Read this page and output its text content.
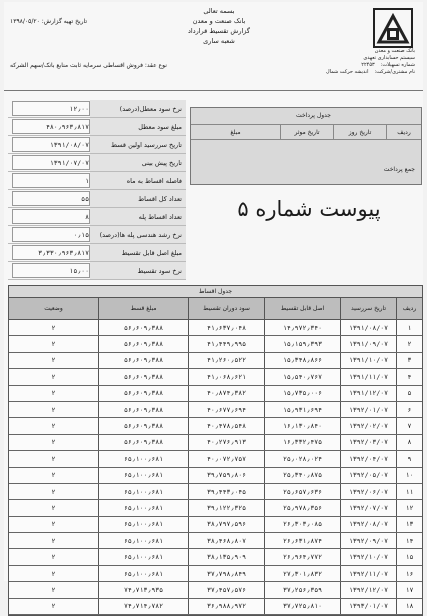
بانک صنعت و معدن
سیستم حسابداری تعهدی
شماره تسهیلات:
۲۲۴۵۳
نام مشتری/شرکت:
اندیشه حرکت شمال
بسمه تعالی
بانک صنعت و معدن
گزارش تقسیط قرارداد
شعبه ساری
تاریخ تهیه گزارش: ۱۳۹۸/۰۵/۲۰
نوع عقد: فروش اقساطی سرمایه ثابت منابع بانک/سهم الشرکه
جدول پرداخت
ردیف
تاریخ روز
تاریخ موثر
مبلغ
جمع پرداخت
نرخ سود معطل(درصد)
۱۲٫۰۰
مبلغ سود معطل
۴۸۰٫۹۶۳٫۸۱۷
تاریخ سررسید اولین قسط
۱۳۹۱/۰۸/۰۷
تاریخ پیش بینی
۱۳۹۱/۰۷/۰۷
فاصله اقساط به ماه
۱
تعداد کل اقساط
۵۵
تعداد اقساط پله
۸
نرخ رشد هندسی پله ها(درصد)
۰٫۱۵
مبلغ اصل قابل تقسیط
۳٫۳۳۰٫۹۶۳٫۸۱۷
نرخ سود تقسیط
۱۵٫۰۰
پیوست شماره ۵
جدول اقساط
ردیف
تاریخ سررسید
اصل قابل تقسیط
سود دوران تقسیط
مبلغ قسط
وضعیت
۱
۱۳۹۱/۰۸/۰۷
۱۴٫۹۷۲٫۳۴۰
۴۱٫۶۳۷٫۰۴۸
۵۶٫۶۰۹٫۳۸۸
۲
۲
۱۳۹۱/۰۹/۰۷
۱۵٫۱۵۹٫۳۹۳
۴۱٫۴۴۹٫۹۹۵
۵۶٫۶۰۹٫۳۸۸
۲
۳
۱۳۹۱/۱۰/۰۷
۱۵٫۳۴۸٫۸۶۶
۴۱٫۲۶۰٫۵۲۲
۵۶٫۶۰۹٫۳۸۸
۲
۴
۱۳۹۱/۱۱/۰۷
۱۵٫۵۴۰٫۷۶۷
۴۱٫۰۶۸٫۶۲۱
۵۶٫۶۰۹٫۳۸۸
۲
۵
۱۳۹۱/۱۲/۰۷
۱۵٫۷۳۵٫۰۰۶
۴۰٫۸۷۴٫۳۸۲
۵۶٫۶۰۹٫۳۸۸
۲
۶
۱۳۹۲/۰۱/۰۷
۱۵٫۹۳۱٫۶۹۴
۴۰٫۶۷۷٫۶۹۴
۵۶٫۶۰۹٫۳۸۸
۲
۷
۱۳۹۲/۰۲/۰۷
۱۶٫۱۳۰٫۸۴۰
۴۰٫۴۷۸٫۵۴۸
۵۶٫۶۰۹٫۳۸۸
۲
۸
۱۳۹۲/۰۳/۰۷
۱۶٫۳۳۲٫۴۷۵
۴۰٫۲۷۶٫۹۱۳
۵۶٫۶۰۹٫۳۸۸
۲
۹
۱۳۹۲/۰۴/۰۷
۲۵٫۰۲۸٫۰۲۴
۴۰٫۰۷۲٫۷۵۷
۶۵٫۱۰۰٫۶۸۱
۲
۱۰
۱۳۹۲/۰۵/۰۷
۲۵٫۳۴۰٫۸۷۵
۳۹٫۷۵۹٫۸۰۶
۶۵٫۱۰۰٫۶۸۱
۲
۱۱
۱۳۹۲/۰۶/۰۷
۲۵٫۶۵۷٫۶۳۶
۳۹٫۴۴۳٫۰۴۵
۶۵٫۱۰۰٫۶۸۱
۲
۱۲
۱۳۹۲/۰۷/۰۷
۲۵٫۹۷۸٫۳۵۶
۳۹٫۱۲۲٫۳۲۵
۶۵٫۱۰۰٫۶۸۱
۲
۱۳
۱۳۹۲/۰۸/۰۷
۲۶٫۳۰۳٫۰۸۵
۳۸٫۷۹۷٫۵۹۶
۶۵٫۱۰۰٫۶۸۱
۲
۱۴
۱۳۹۲/۰۹/۰۷
۲۶٫۶۳۱٫۸۷۴
۳۸٫۴۶۸٫۸۰۷
۶۵٫۱۰۰٫۶۸۱
۲
۱۵
۱۳۹۲/۱۰/۰۷
۲۶٫۹۶۴٫۷۷۲
۳۸٫۱۳۵٫۹۰۹
۶۵٫۱۰۰٫۶۸۱
۲
۱۶
۱۳۹۲/۱۱/۰۷
۲۷٫۳۰۱٫۸۳۲
۳۷٫۷۹۸٫۸۴۹
۶۵٫۱۰۰٫۶۸۱
۲
۱۷
۱۳۹۲/۱۲/۰۷
۳۷٫۲۵۶٫۳۵۹
۳۷٫۴۵۷٫۵۷۶
۷۴٫۷۱۳٫۹۳۵
۲
۱۸
۱۳۹۳/۰۱/۰۷
۳۷٫۷۲۵٫۸۱۰
۳۶٫۹۸۸٫۹۷۲
۷۴٫۷۱۴٫۷۸۲
۲
